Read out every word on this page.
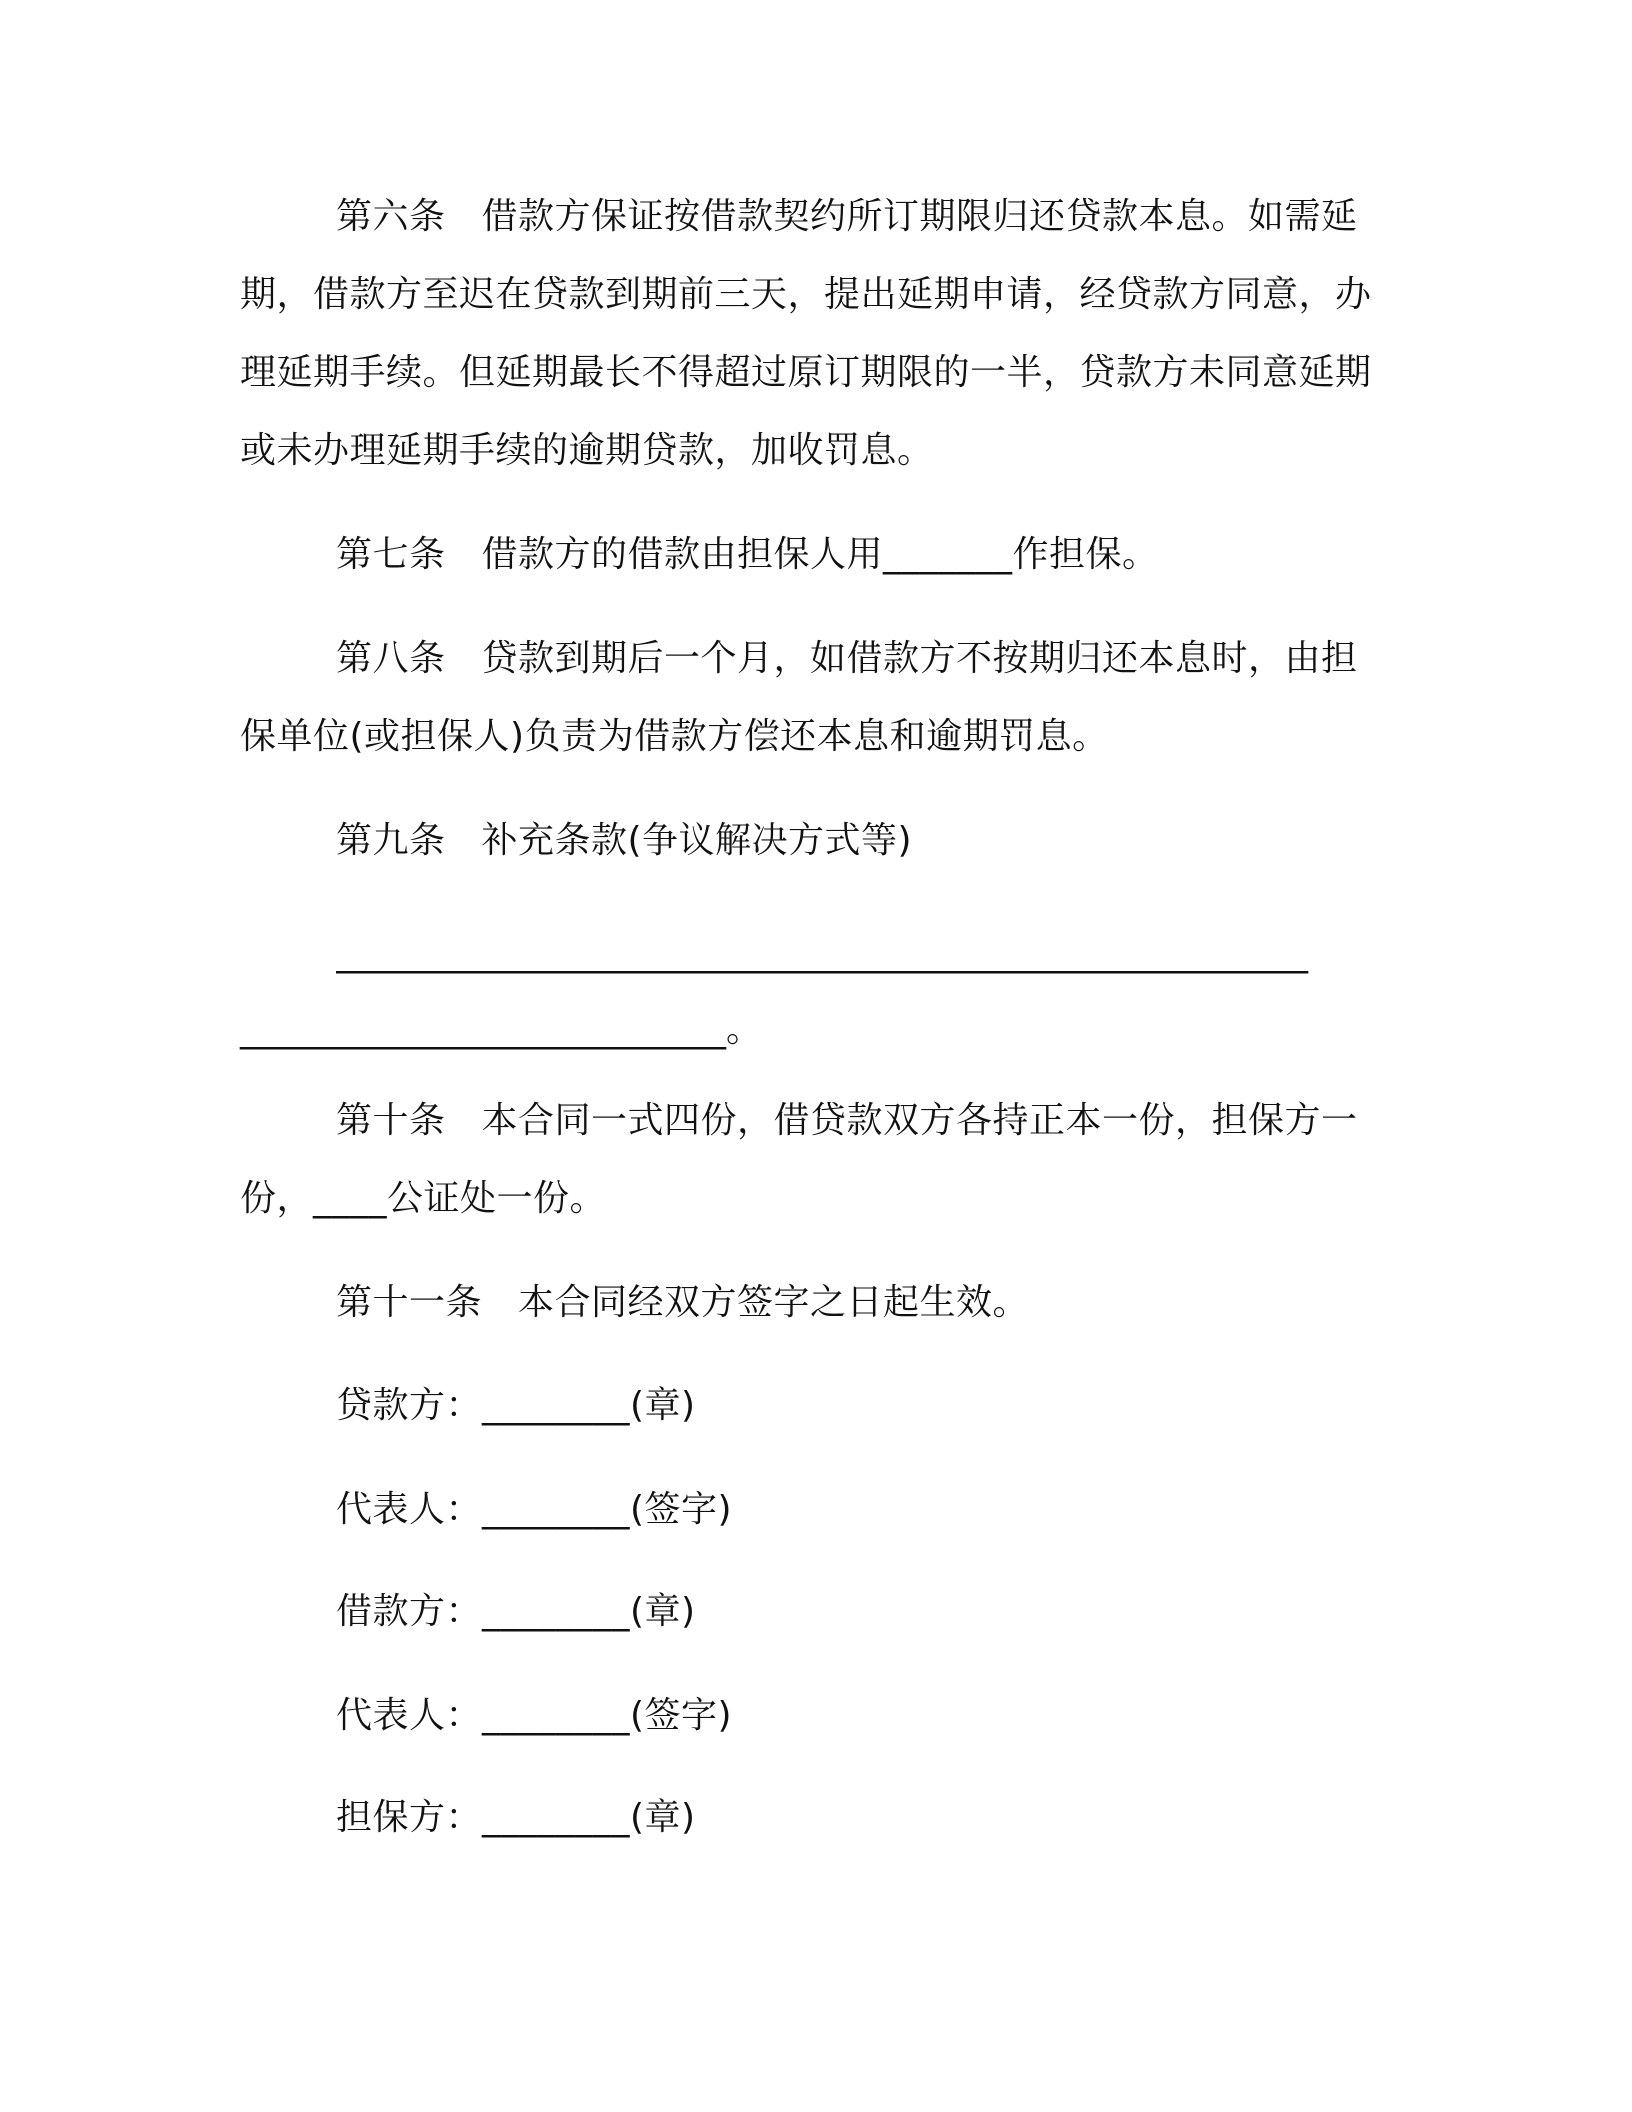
第六条 借款方保证按借款契约所订期限归还贷款本息。如需延期，借款方至迟在贷款到期前三天，提出延期申请，经贷款方同意，办理延期手续。但延期最长不得超过原订期限的一半，贷款方未同意延期或未办理延期手续的逾期贷款，加收罚息。

第七条 借款方的借款由担保人用_______作担保。

第八条 贷款到期后一个月，如借款方不按期归还本息时，由担保单位(或担保人)负责为借款方偿还本息和逾期罚息。

第九条 补充条款(争议解决方式等)

______________________________________________________

___________________________。

第十条 本合同一式四份，借贷款双方各持正本一份，担保方一份，____公证处一份。

第十一条 本合同经双方签字之日起生效。

贷款方：________(章)

代表人：________(签字)

借款方：________(章)

代表人：________(签字)

担保方：________(章)
